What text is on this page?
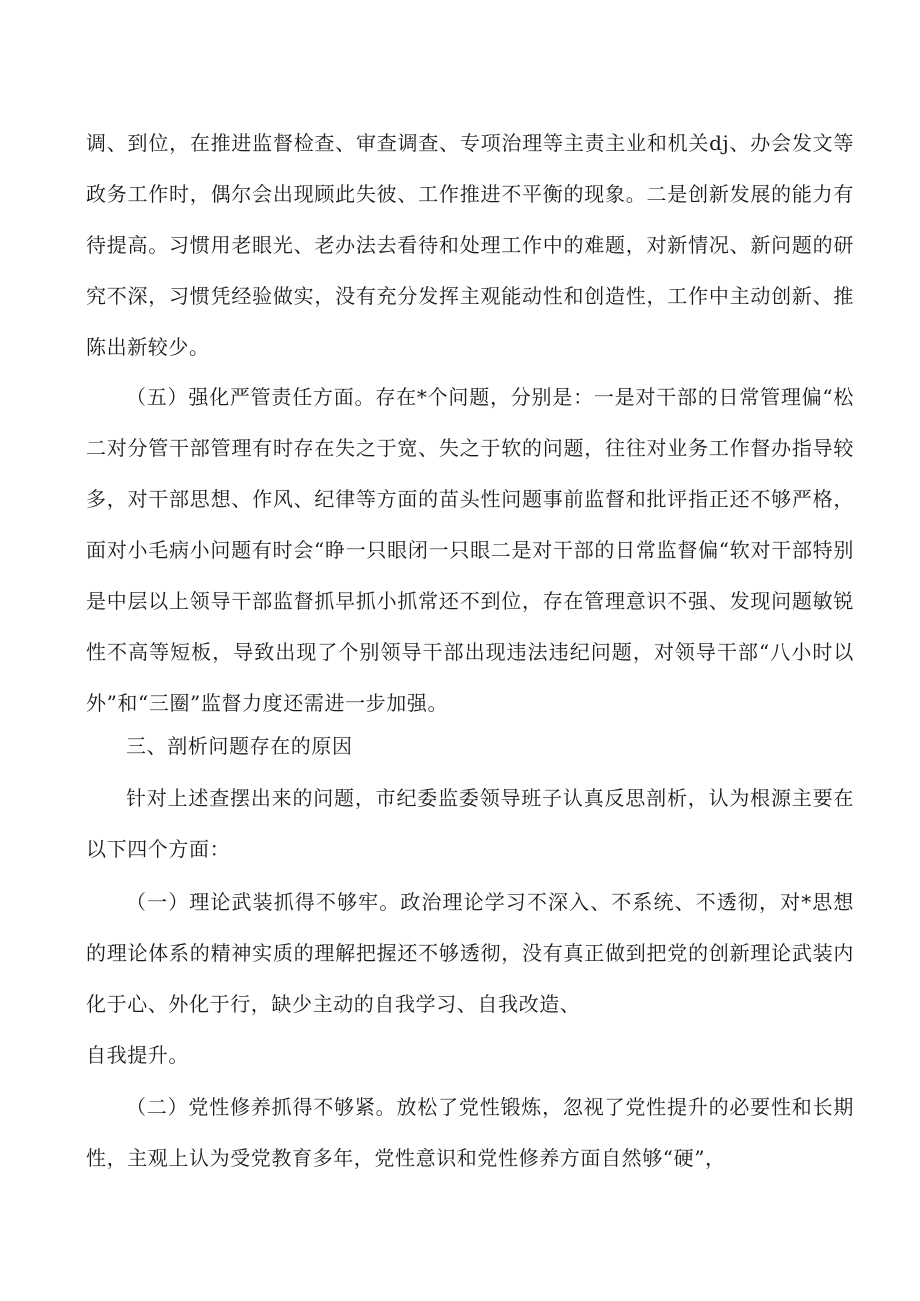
调、到位，在推进监督检查、审查调查、专项治理等主责主业和机关dj、办会发文等政务工作时，偶尔会出现顾此失彼、工作推进不平衡的现象。二是创新发展的能力有待提高。习惯用老眼光、老办法去看待和处理工作中的难题，对新情况、新问题的研究不深，习惯凭经验做实，没有充分发挥主观能动性和创造性，工作中主动创新、推陈出新较少。

（五）强化严管责任方面。存在*个问题，分别是：一是对干部的日常管理偏“松二对分管干部管理有时存在失之于宽、失之于软的问题，往往对业务工作督办指导较多，对干部思想、作风、纪律等方面的苗头性问题事前监督和批评指正还不够严格，面对小毛病小问题有时会“睁一只眼闭一只眼二是对干部的日常监督偏“软对干部特别是中层以上领导干部监督抓早抓小抓常还不到位，存在管理意识不强、发现问题敏锐性不高等短板，导致出现了个别领导干部出现违法违纪问题，对领导干部“八小时以外”和“三圈”监督力度还需进一步加强。

三、剖析问题存在的原因

针对上述查摆出来的问题，市纪委监委领导班子认真反思剖析，认为根源主要在以下四个方面：

（一）理论武装抓得不够牢。政治理论学习不深入、不系统、不透彻，对*思想的理论体系的精神实质的理解把握还不够透彻，没有真正做到把党的创新理论武装内化于心、外化于行，缺少主动的自我学习、自我改造、

自我提升。

（二）党性修养抓得不够紧。放松了党性锻炼，忽视了党性提升的必要性和长期性，主观上认为受党教育多年，党性意识和党性修养方面自然够“硬”，
